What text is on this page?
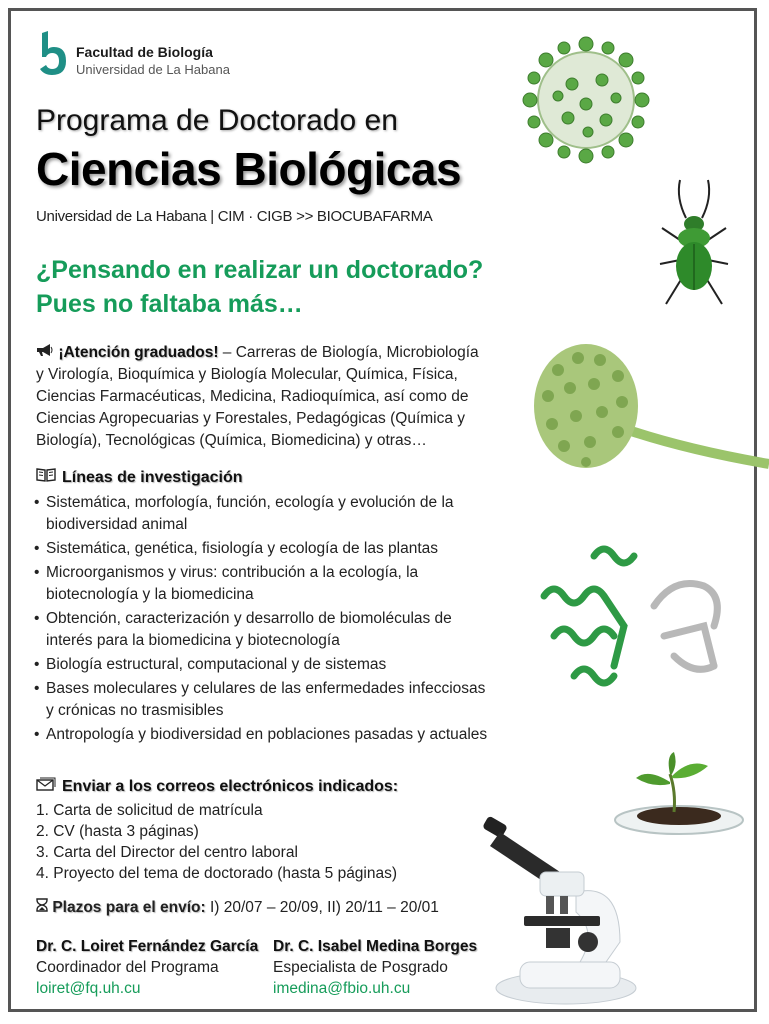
Facultad de Biología
Universidad de La Habana
Programa de Doctorado en
Ciencias Biológicas
Universidad de La Habana | CIM · CIGB >> BIOCUBAFARMA
¿Pensando en realizar un doctorado?
Pues no faltaba más…
¡Atención graduados! – Carreras de Biología, Microbiología
y Virología, Bioquímica y Biología Molecular, Química, Física,
Ciencias Farmacéuticas, Medicina, Radioquímica, así como de
Ciencias Agropecuarias y Forestales, Pedagógicas (Química y
Biología), Tecnológicas (Química, Biomedicina) y otras…
Líneas de investigación
• Sistemática, morfología, función, ecología y evolución de la
biodiversidad animal
• Sistemática, genética, fisiología y ecología de las plantas
• Microorganismos y virus: contribución a la ecología, la
biotecnología y la biomedicina
• Obtención, caracterización y desarrollo de biomoléculas de
interés para la biomedicina y biotecnología
• Biología estructural, computacional y de sistemas
• Bases moleculares y celulares de las enfermedades infecciosas
y crónicas no trasmisibles
• Antropología y biodiversidad en poblaciones pasadas y actuales
Enviar a los correos electrónicos indicados:
1. Carta de solicitud de matrícula
2. CV (hasta 3 páginas)
3. Carta del Director del centro laboral
4. Proyecto del tema de doctorado (hasta 5 páginas)
Plazos para el envío: I) 20/07 – 20/09, II) 20/11 – 20/01
Dr. C. Loiret Fernández García
Coordinador del Programa
loiret@fq.uh.cu
Dr. C. Isabel Medina Borges
Especialista de Posgrado
imedina@fbio.uh.cu
